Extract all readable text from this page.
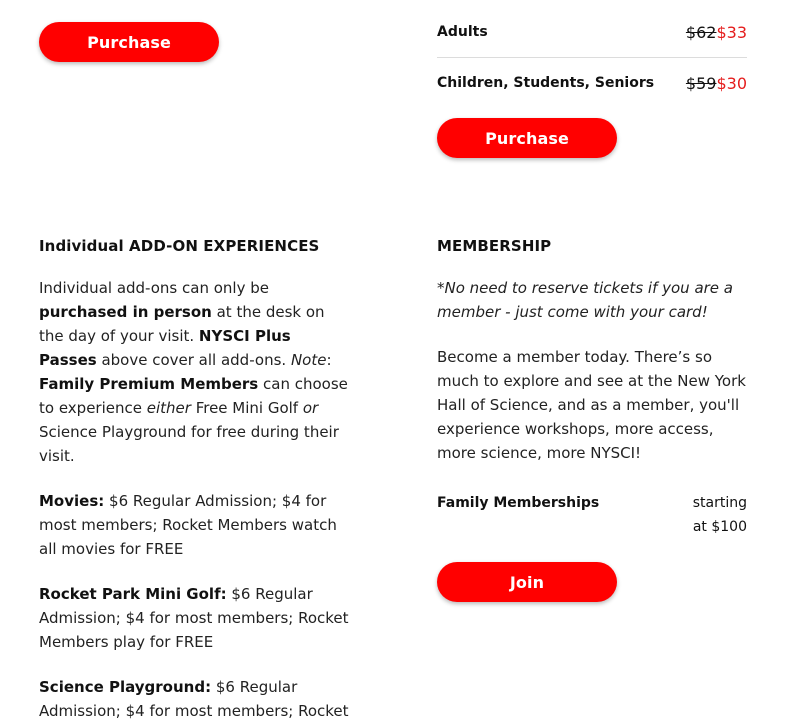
Purchase
Individual ADD-ON EXPERIENCES

Individual add-ons can only be purchased in person at the desk on the day of your visit. NYSCI Plus Passes above cover all add-ons. Note: Family Premium Members can choose to experience either Free Mini Golf or Science Playground for free during their visit.

Movies: $6 Regular Admission; $4 for most members; Rocket Members watch all movies for FREE

Rocket Park Mini Golf: $6 Regular Admission; $4 for most members; Rocket Members play for FREE

Science Playground: $6 Regular Admission; $4 for most members; Rocket

Adults	$62$33
Children, Students, Seniors $59$30
Purchase
MEMBERSHIP
*No need to reserve tickets if you are a member - just come with your card!
Become a member today. There’s so much to explore and see at the New York Hall of Science, and as a member, you'll experience workshops, more access, more science, more NYSCI!
Family Memberships	starting at $100
Join
